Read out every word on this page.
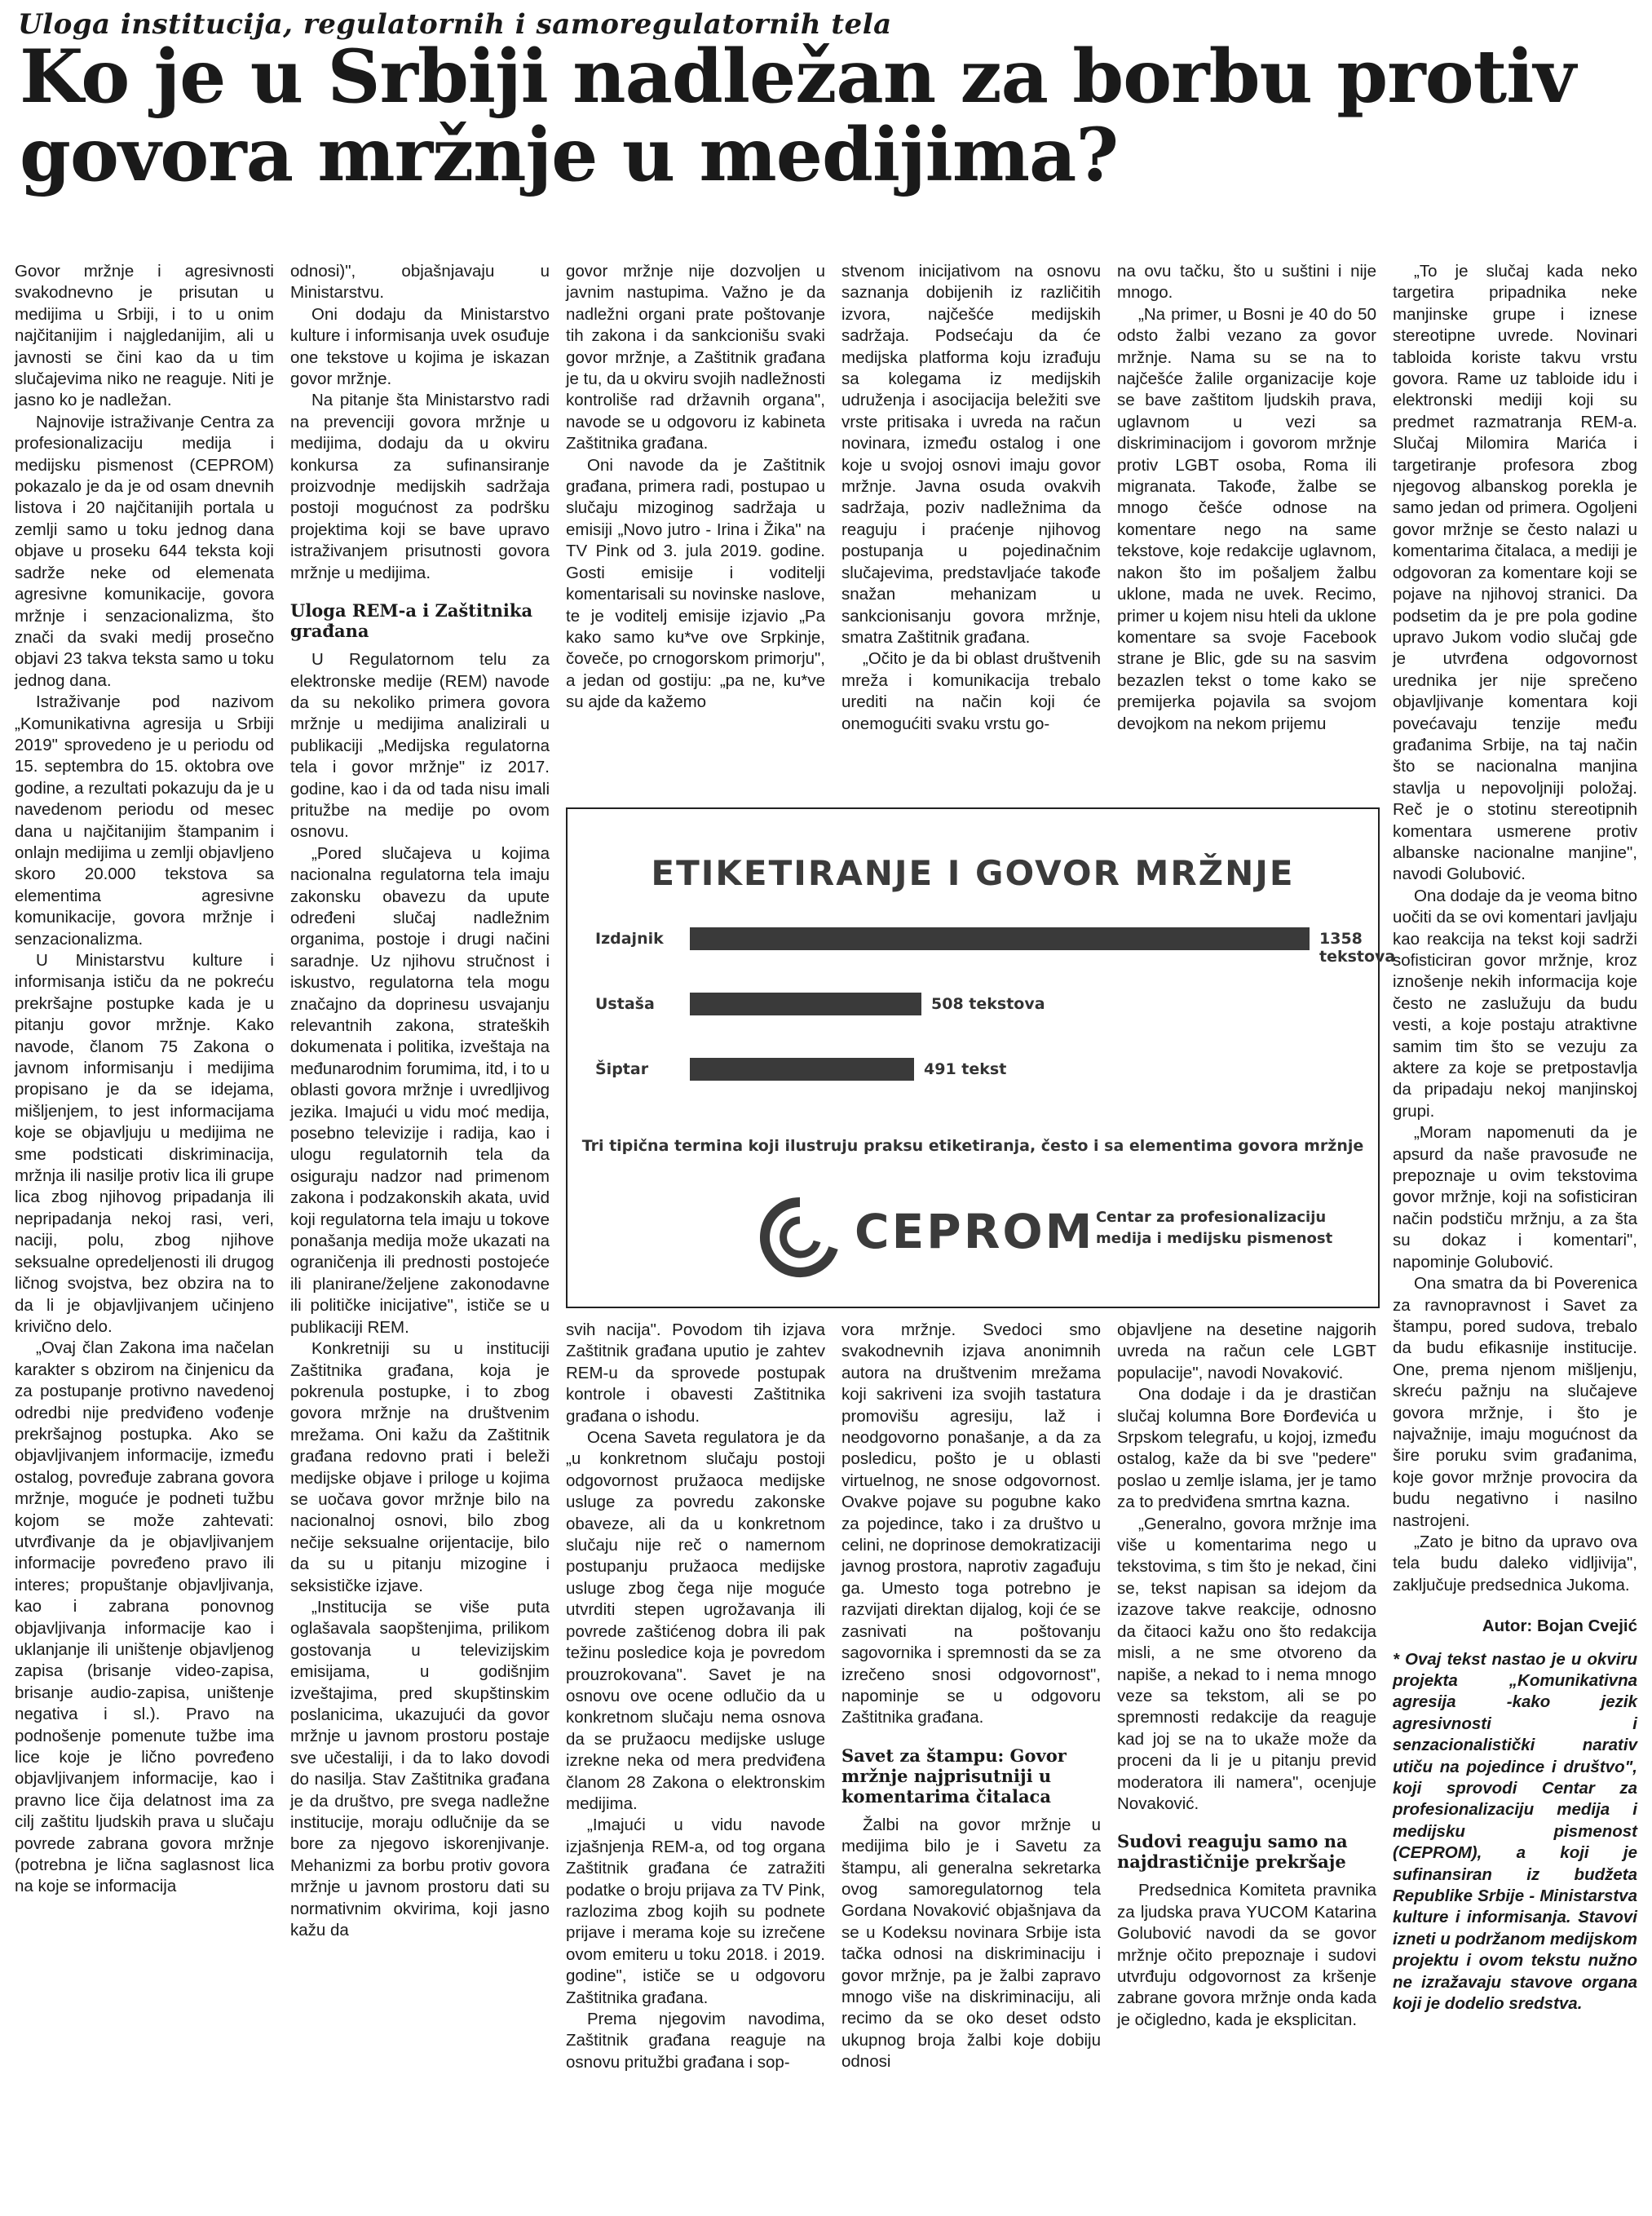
Uloga institucija, regulatornih i samoregulatornih tela
Ko je u Srbiji nadležan za borbu protiv govora mržnje u medijima?

Govor mržnje i agresivnosti svakodnevno je prisutan u medijima u Srbiji, i to u onim najčitanijim i najgledanijim, ali u javnosti se čini kao da u tim slučajevima niko ne reaguje. Niti je jasno ko je nadležan.

Najnovije istraživanje Centra za profesionalizaciju medija i medijsku pismenost (CEPROM) pokazalo je da je od osam dnevnih listova i 20 najčitanijih portala u zemlji samo u toku jednog dana objave u proseku 644 teksta koji sadrže neke od elemenata agresivne komunikacije, govora mržnje i senzacionalizma, što znači da svaki medij prosečno objavi 23 takva teksta samo u toku jednog dana.

Istraživanje pod nazivom „Komunikativna agresija u Srbiji 2019" sprovedeno je u periodu od 15. septembra do 15. oktobra ove godine, a rezultati pokazuju da je u navedenom periodu od mesec dana u najčitanijim štampanim i onlajn medijima u zemlji objavljeno skoro 20.000 tekstova sa elementima agresivne komunikacije, govora mržnje i senzacionalizma.

U Ministarstvu kulture i informisanja ističu da ne pokreću prekršajne postupke kada je u pitanju govor mržnje. Kako navode, članom 75 Zakona o javnom informisanju i medijima propisano je da se idejama, mišljenjem, to jest informacijama koje se objavljuju u medijima ne sme podsticati diskriminacija, mržnja ili nasilje protiv lica ili grupe lica zbog njihovog pripadanja ili nepripadanja nekoj rasi, veri, naciji, polu, zbog njihove seksualne opredeljenosti ili drugog ličnog svojstva, bez obzira na to da li je objavljivanjem učinjeno krivično delo.

„Ovaj član Zakona ima načelan karakter s obzirom na činjenicu da za postupanje protivno navedenoj odredbi nije predviđeno vođenje prekršajnog postupka. Ako se objavljivanjem informacije, između ostalog, povređuje zabrana govora mržnje, moguće je podneti tužbu kojom se može zahtevati: utvrđivanje da je objavljivanjem informacije povređeno pravo ili interes; propuštanje objavljivanja, kao i zabrana ponovnog objavljivanja informacije kao i uklanjanje ili uništenje objavljenog zapisa (brisanje video-zapisa, brisanje audio-zapisa, uništenje negativa i sl.). Pravo na podnošenje pomenute tužbe ima lice koje je lično povređeno objavljivanjem informacije, kao i pravno lice čija delatnost ima za cilj zaštitu ljudskih prava u slučaju povrede zabrana govora mržnje (potrebna je lična saglasnost lica na koje se informacija

odnosi)", objašnjavaju u Ministarstvu.

Oni dodaju da Ministarstvo kulture i informisanja uvek osuđuje one tekstove u kojima je iskazan govor mržnje.

Na pitanje šta Ministarstvo radi na prevenciji govora mržnje u medijima, dodaju da u okviru konkursa za sufinansiranje proizvodnje medijskih sadržaja postoji mogućnost za podršku projektima koji se bave upravo istraživanjem prisutnosti govora mržnje u medijima.

Uloga REM-a i Zaštitnika građana

U Regulatornom telu za elektronske medije (REM) navode da su nekoliko primera govora mržnje u medijima analizirali u publikaciji „Medijska regulatorna tela i govor mržnje" iz 2017. godine, kao i da od tada nisu imali pritužbe na medije po ovom osnovu.

„Pored slučajeva u kojima nacionalna regulatorna tela imaju zakonsku obavezu da upute određeni slučaj nadležnim organima, postoje i drugi načini saradnje. Uz njihovu stručnost i iskustvo, regulatorna tela mogu značajno da doprinesu usvajanju relevantnih zakona, strateških dokumenata i politika, izveštaja na međunarodnim forumima, itd, i to u oblasti govora mržnje i uvredljivog jezika. Imajući u vidu moć medija, posebno televizije i radija, kao i ulogu regulatornih tela da osiguraju nadzor nad primenom zakona i podzakonskih akata, uvid koji regulatorna tela imaju u tokove ponašanja medija može ukazati na ograničenja ili prednosti postojeće ili planirane/željene zakonodavne ili političke inicijative", ističe se u publikaciji REM.

Konkretniji su u instituciji Zaštitnika građana, koja je pokrenula postupke, i to zbog govora mržnje na društvenim mrežama. Oni kažu da Zaštitnik građana redovno prati i beleži medijske objave i priloge u kojima se uočava govor mržnje bilo na nacionalnoj osnovi, bilo zbog nečije seksualne orijentacije, bilo da su u pitanju mizogine i seksističke izjave.

„Institucija se više puta oglašavala saopštenjima, prilikom gostovanja u televizijskim emisijama, u godišnjim izveštajima, pred skupštinskim poslanicima, ukazujući da govor mržnje u javnom prostoru postaje sve učestaliji, i da to lako dovodi do nasilja. Stav Zaštitnika građana je da društvo, pre svega nadležne institucije, moraju odlučnije da se bore za njegovo iskorenjivanje. Mehanizmi za borbu protiv govora mržnje u javnom prostoru dati su normativnim okvirima, koji jasno kažu da

govor mržnje nije dozvoljen u javnim nastupima. Važno je da nadležni organi prate poštovanje tih zakona i da sankcionišu svaki govor mržnje, a Zaštitnik građana je tu, da u okviru svojih nadležnosti kontroliše rad državnih organa", navode se u odgovoru iz kabineta Zaštitnika građana.

Oni navode da je Zaštitnik građana, primera radi, postupao u slučaju mizoginog sadržaja u emisiji „Novo jutro - Irina i Žika" na TV Pink od 3. jula 2019. godine. Gosti emisije i voditelji komentarisali su novinske naslove, te je voditelj emisije izjavio „Pa kako samo ku*ve ove Srpkinje, čoveče, po crnogorskom primorju", a jedan od gostiju: „pa ne, ku*ve su ajde da kažemo

stvenom inicijativom na osnovu saznanja dobijenih iz različitih izvora, najčešće medijskih sadržaja. Podsećaju da će medijska platforma koju izrađuju sa kolegama iz medijskih udruženja i asocijacija beležiti sve vrste pritisaka i uvreda na račun novinara, između ostalog i one koje u svojoj osnovi imaju govor mržnje. Javna osuda ovakvih sadržaja, poziv nadležnima da reaguju i praćenje njihovog postupanja u pojedinačnim slučajevima, predstavljaće takođe snažan mehanizam u sankcionisanju govora mržnje, smatra Zaštitnik građana.

„Očito je da bi oblast društvenih mreža i komunikacija trebalo urediti na način koji će onemogućiti svaku vrstu go-

na ovu tačku, što u suštini i nije mnogo.

„Na primer, u Bosni je 40 do 50 odsto žalbi vezano za govor mržnje. Nama su se na to najčešće žalile organizacije koje se bave zaštitom ljudskih prava, uglavnom u vezi sa diskriminacijom i govorom mržnje protiv LGBT osoba, Roma ili migranata. Takođe, žalbe se mnogo češće odnose na komentare nego na same tekstove, koje redakcije uglavnom, nakon što im pošaljem žalbu uklone, mada ne uvek. Recimo, primer u kojem nisu hteli da uklone komentare sa svoje Facebook strane je Blic, gde su na sasvim bezazlen tekst o tome kako se premijerka pojavila sa svojom devojkom na nekom prijemu

ETIKETIRANJE I GOVOR MRŽNJE
Izdajnik	1358 tekstova
Ustaša	508 tekstova
Šiptar	491 tekst
Tri tipična termina koji ilustruju praksu etiketiranja, često i sa elementima govora mržnje
CEPROM Centar za profesionalizaciju medija i medijsku pismenost

svih nacija". Povodom tih izjava Zaštitnik građana uputio je zahtev REM-u da sprovede postupak kontrole i obavesti Zaštitnika građana o ishodu.

Ocena Saveta regulatora je da „u konkretnom slučaju postoji odgovornost pružaoca medijske usluge za povredu zakonske obaveze, ali da u konkretnom slučaju nije reč o namernom postupanju pružaoca medijske usluge zbog čega nije moguće utvrditi stepen ugrožavanja ili povrede zaštićenog dobra ili pak težinu posledice koja je povredom prouzrokovana". Savet je na osnovu ove ocene odlučio da u konkretnom slučaju nema osnova da se pružaocu medijske usluge izrekne neka od mera predviđena članom 28 Zakona o elektronskim medijima.

„Imajući u vidu navode izjašnjenja REM-a, od tog organa Zaštitnik građana će zatražiti podatke o broju prijava za TV Pink, razlozima zbog kojih su podnete prijave i merama koje su izrečene ovom emiteru u toku 2018. i 2019. godine", ističe se u odgovoru Zaštitnika građana.

Prema njegovim navodima, Zaštitnik građana reaguje na osnovu pritužbi građana i sop-

vora mržnje. Svedoci smo svakodnevnih izjava anonimnih autora na društvenim mrežama koji sakriveni iza svojih tastatura promovišu agresiju, laž i neodgovorno ponašanje, a da za posledicu, pošto je u oblasti virtuelnog, ne snose odgovornost. Ovakve pojave su pogubne kako za pojedince, tako i za društvo u celini, ne doprinose demokratizaciji javnog prostora, naprotiv zagađuju ga. Umesto toga potrebno je razvijati direktan dijalog, koji će se zasnivati na poštovanju sagovornika i spremnosti da se za izrečeno snosi odgovornost", napominje se u odgovoru Zaštitnika građana.

Savet za štampu: Govor mržnje najprisutniji u komentarima čitalaca

Žalbi na govor mržnje u medijima bilo je i Savetu za štampu, ali generalna sekretarka ovog samoregulatornog tela Gordana Novaković objašnjava da se u Kodeksu novinara Srbije ista tačka odnosi na diskriminaciju i govor mržnje, pa je žalbi zapravo mnogo više na diskriminaciju, ali recimo da se oko deset odsto ukupnog broja žalbi koje dobiju odnosi

objavljene na desetine najgorih uvreda na račun cele LGBT populacije", navodi Novaković.

Ona dodaje i da je drastičan slučaj kolumna Bore Đorđevića u Srpskom telegrafu, u kojoj, između ostalog, kaže da bi sve "pedere" poslao u zemlje islama, jer je tamo za to predviđena smrtna kazna.

„Generalno, govora mržnje ima više u komentarima nego u tekstovima, s tim što je nekad, čini se, tekst napisan sa idejom da izazove takve reakcije, odnosno da čitaoci kažu ono što redakcija misli, a ne sme otvoreno da napiše, a nekad to i nema mnogo veze sa tekstom, ali se po spremnosti redakcije da reaguje kad joj se na to ukaže može da proceni da li je u pitanju previd moderatora ili namera", ocenjuje Novaković.

Sudovi reaguju samo na najdrastičnije prekršaje

Predsednica Komiteta pravnika za ljudska prava YUCOM Katarina Golubović navodi da se govor mržnje očito prepoznaje i sudovi utvrđuju odgovornost za kršenje zabrane govora mržnje onda kada je očigledno, kada je eksplicitan.

„To je slučaj kada neko targetira pripadnika neke manjinske grupe i iznese stereotipne uvrede. Novinari tabloida koriste takvu vrstu govora. Rame uz tabloide idu i elektronski mediji koji su predmet razmatranja REM-a. Slučaj Milomira Marića i targetiranje profesora zbog njegovog albanskog porekla je samo jedan od primera. Ogoljeni govor mržnje se često nalazi u komentarima čitalaca, a mediji je odgovoran za komentare koji se pojave na njihovoj stranici. Da podsetim da je pre pola godine upravo Jukom vodio slučaj gde je utvrđena odgovornost urednika jer nije sprečeno objavljivanje komentara koji povećavaju tenzije među građanima Srbije, na taj način što se nacionalna manjina stavlja u nepovoljniji položaj. Reč je o stotinu stereotipnih komentara usmerene protiv albanske nacionalne manjine", navodi Golubović.

Ona dodaje da je veoma bitno uočiti da se ovi komentari javljaju kao reakcija na tekst koji sadrži sofisticiran govor mržnje, kroz iznošenje nekih informacija koje često ne zaslužuju da budu vesti, a koje postaju atraktivne samim tim što se vezuju za aktere za koje se pretpostavlja da pripadaju nekoj manjinskoj grupi.

„Moram napomenuti da je apsurd da naše pravosuđe ne prepoznaje u ovim tekstovima govor mržnje, koji na sofisticiran način podstiču mržnju, a za šta su dokaz i komentari", napominje Golubović.

Ona smatra da bi Poverenica za ravnopravnost i Savet za štampu, pored sudova, trebalo da budu efikasnije institucije. One, prema njenom mišljenju, skreću pažnju na slučajeve govora mržnje, i što je najvažnije, imaju mogućnost da šire poruku svim građanima, koje govor mržnje provocira da budu negativno i nasilno nastrojeni.

„Zato je bitno da upravo ova tela budu daleko vidljivija", zaključuje predsednica Jukoma.

Autor: Bojan Cvejić

* Ovaj tekst nastao je u okviru projekta „Komunikativna agresija -kako jezik agresivnosti i senzacionalistički narativ utiču na pojedince i društvo", koji sprovodi Centar za profesionalizaciju medija i medijsku pismenost (CEPROM), a koji je sufinansiran iz budžeta Republike Srbije - Ministarstva kulture i informisanja. Stavovi izneti u podržanom medijskom projektu i ovom tekstu nužno ne izražavaju stavove organa koji je dodelio sredstva.
